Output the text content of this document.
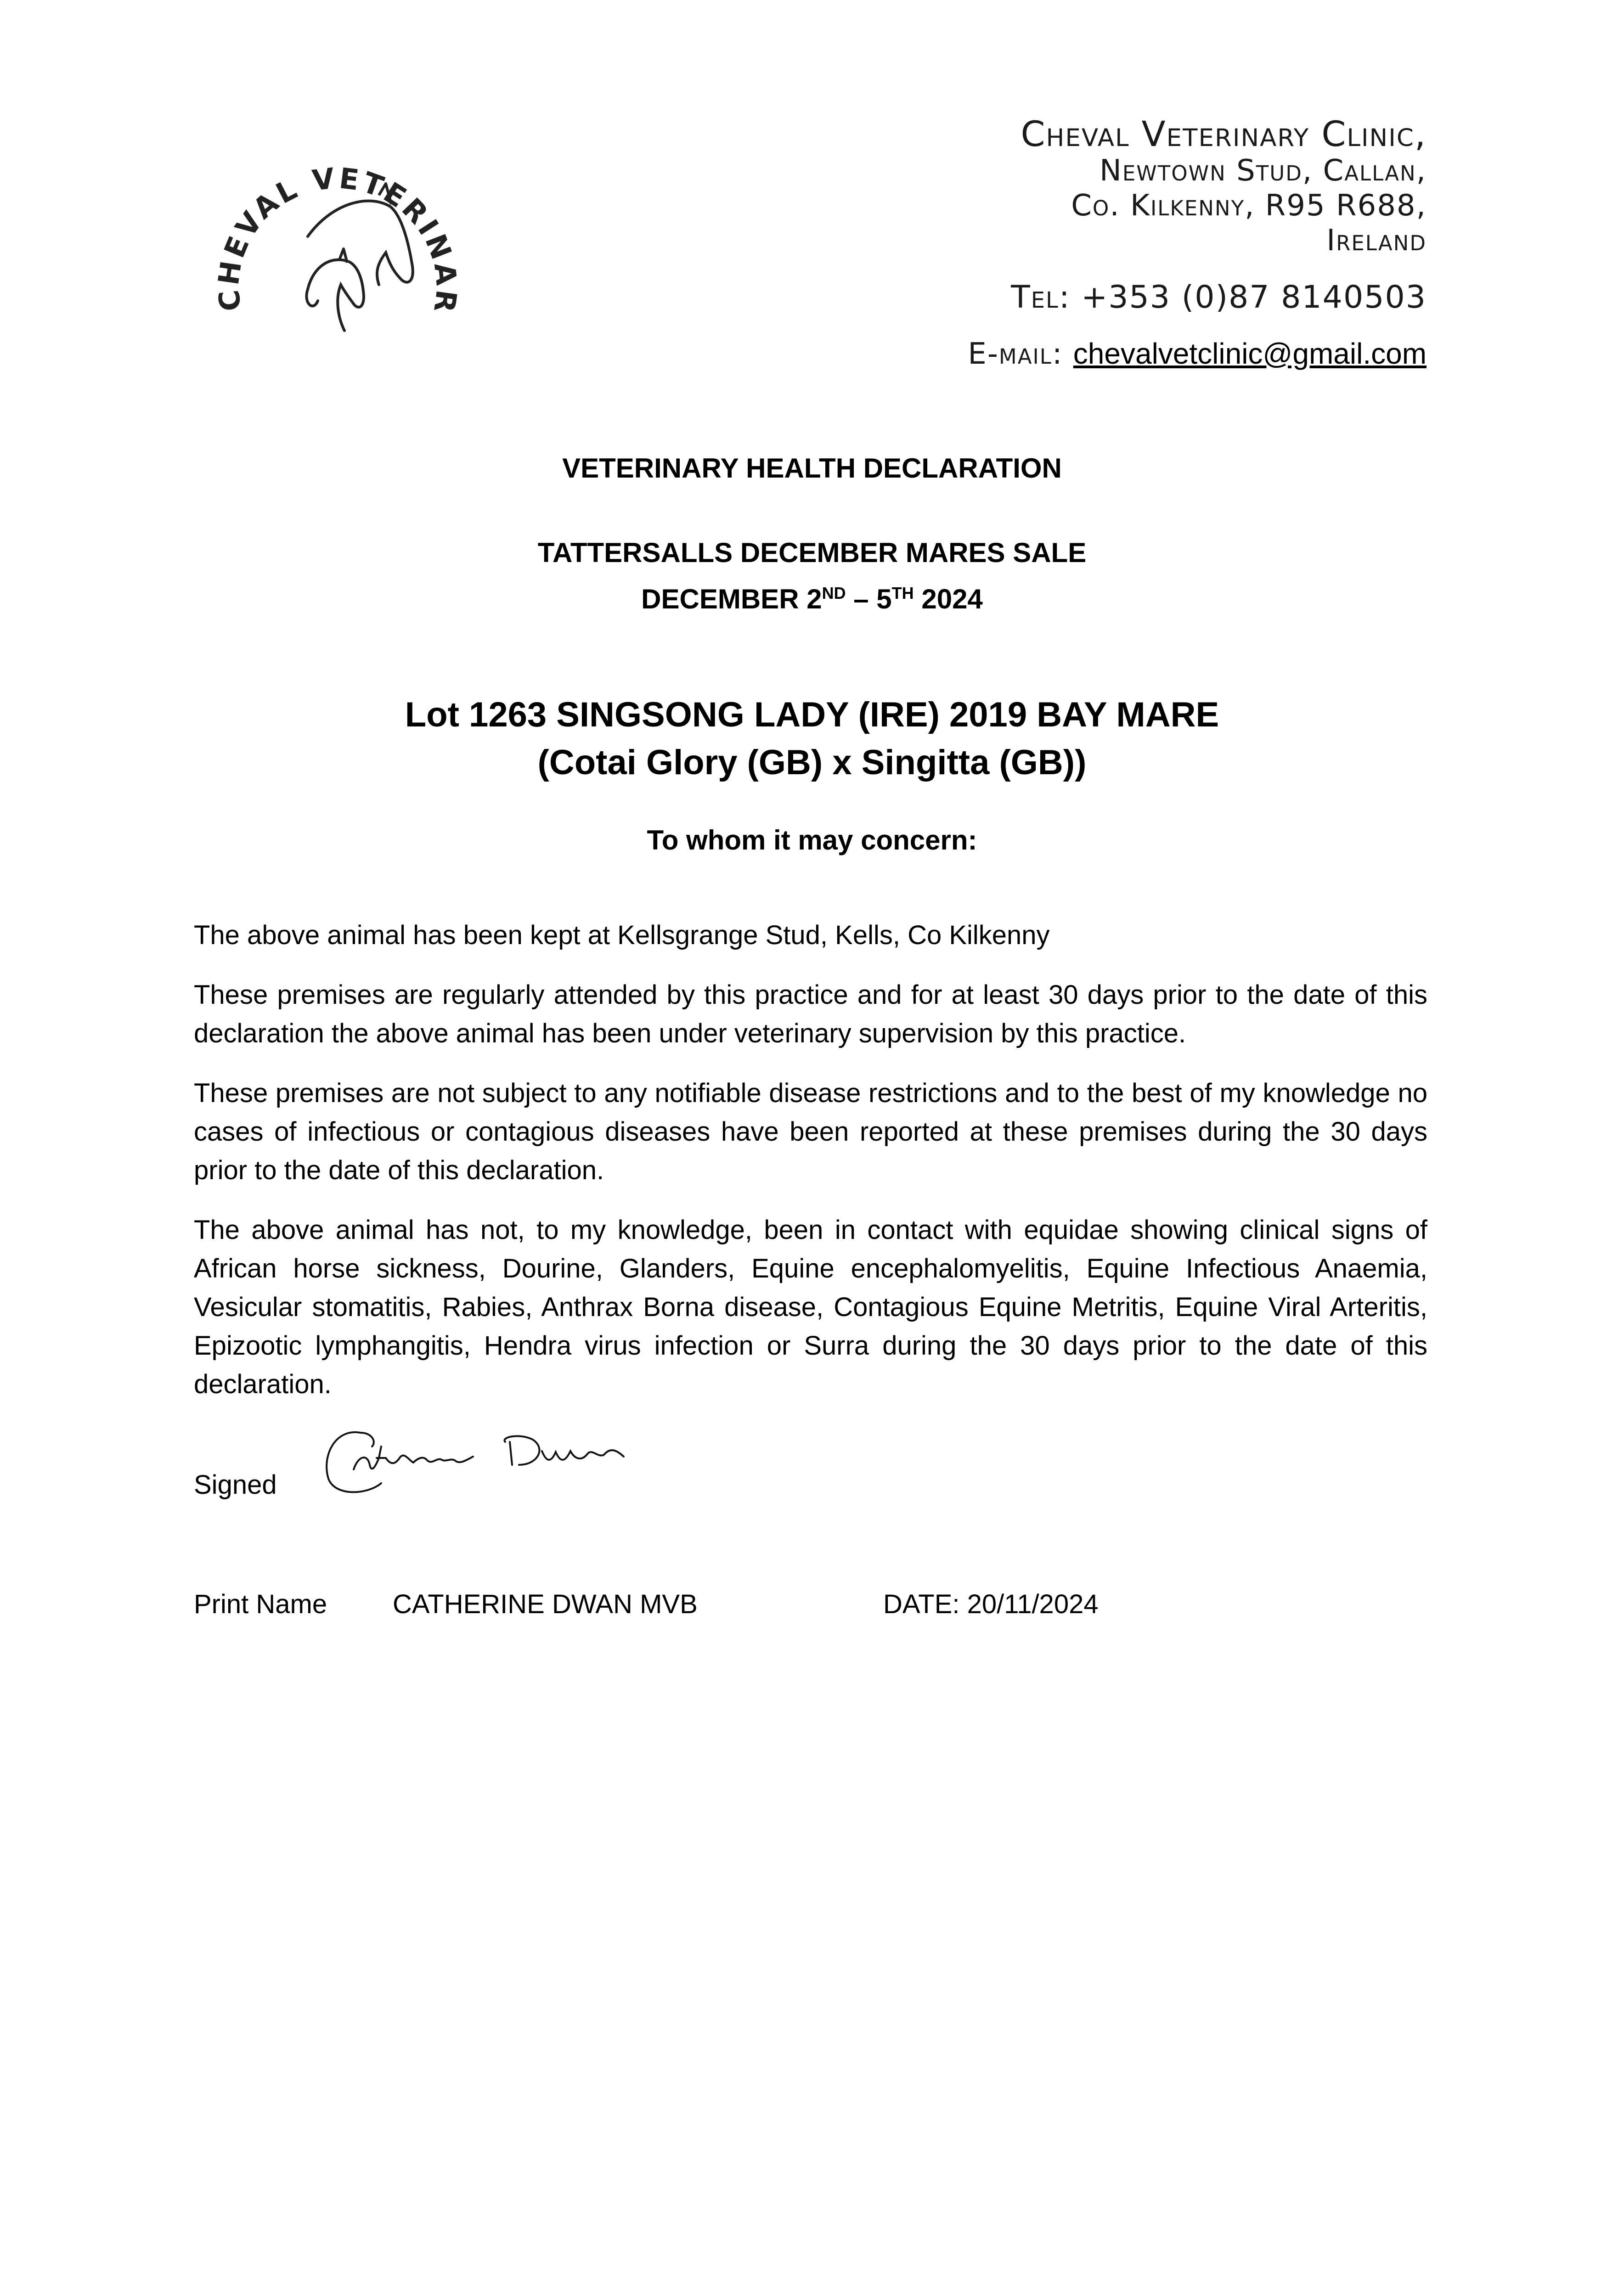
CHEVAL VETERINAR
Cheval Veterinary Clinic,
Newtown Stud, Callan,
Co. Kilkenny, R95 R688,
Ireland
Tel: +353 (0)87 8140503
E-mail: chevalvetclinic@gmail.com
VETERINARY HEALTH DECLARATION
TATTERSALLS DECEMBER MARES SALE
DECEMBER 2ND – 5TH 2024
Lot 1263 SINGSONG LADY (IRE) 2019 BAY MARE
(Cotai Glory (GB) x Singitta (GB))
To whom it may concern:

The above animal has been kept at Kellsgrange Stud, Kells, Co Kilkenny

These premises are regularly attended by this practice and for at least 30 days prior to the date of this declaration the above animal has been under veterinary supervision by this practice.

These premises are not subject to any notifiable disease restrictions and to the best of my knowledge no cases of infectious or contagious diseases have been reported at these premises during the 30 days prior to the date of this declaration.

The above animal has not, to my knowledge, been in contact with equidae showing clinical signs of African horse sickness, Dourine, Glanders, Equine encephalomyelitis, Equine Infectious Anaemia, Vesicular stomatitis, Rabies, Anthrax Borna disease, Contagious Equine Metritis, Equine Viral Arteritis, Epizootic lymphangitis, Hendra virus infection or Surra during the 30 days prior to the date of this declaration.

Signed
Print Name CATHERINE DWAN MVB	DATE: 20/11/2024
